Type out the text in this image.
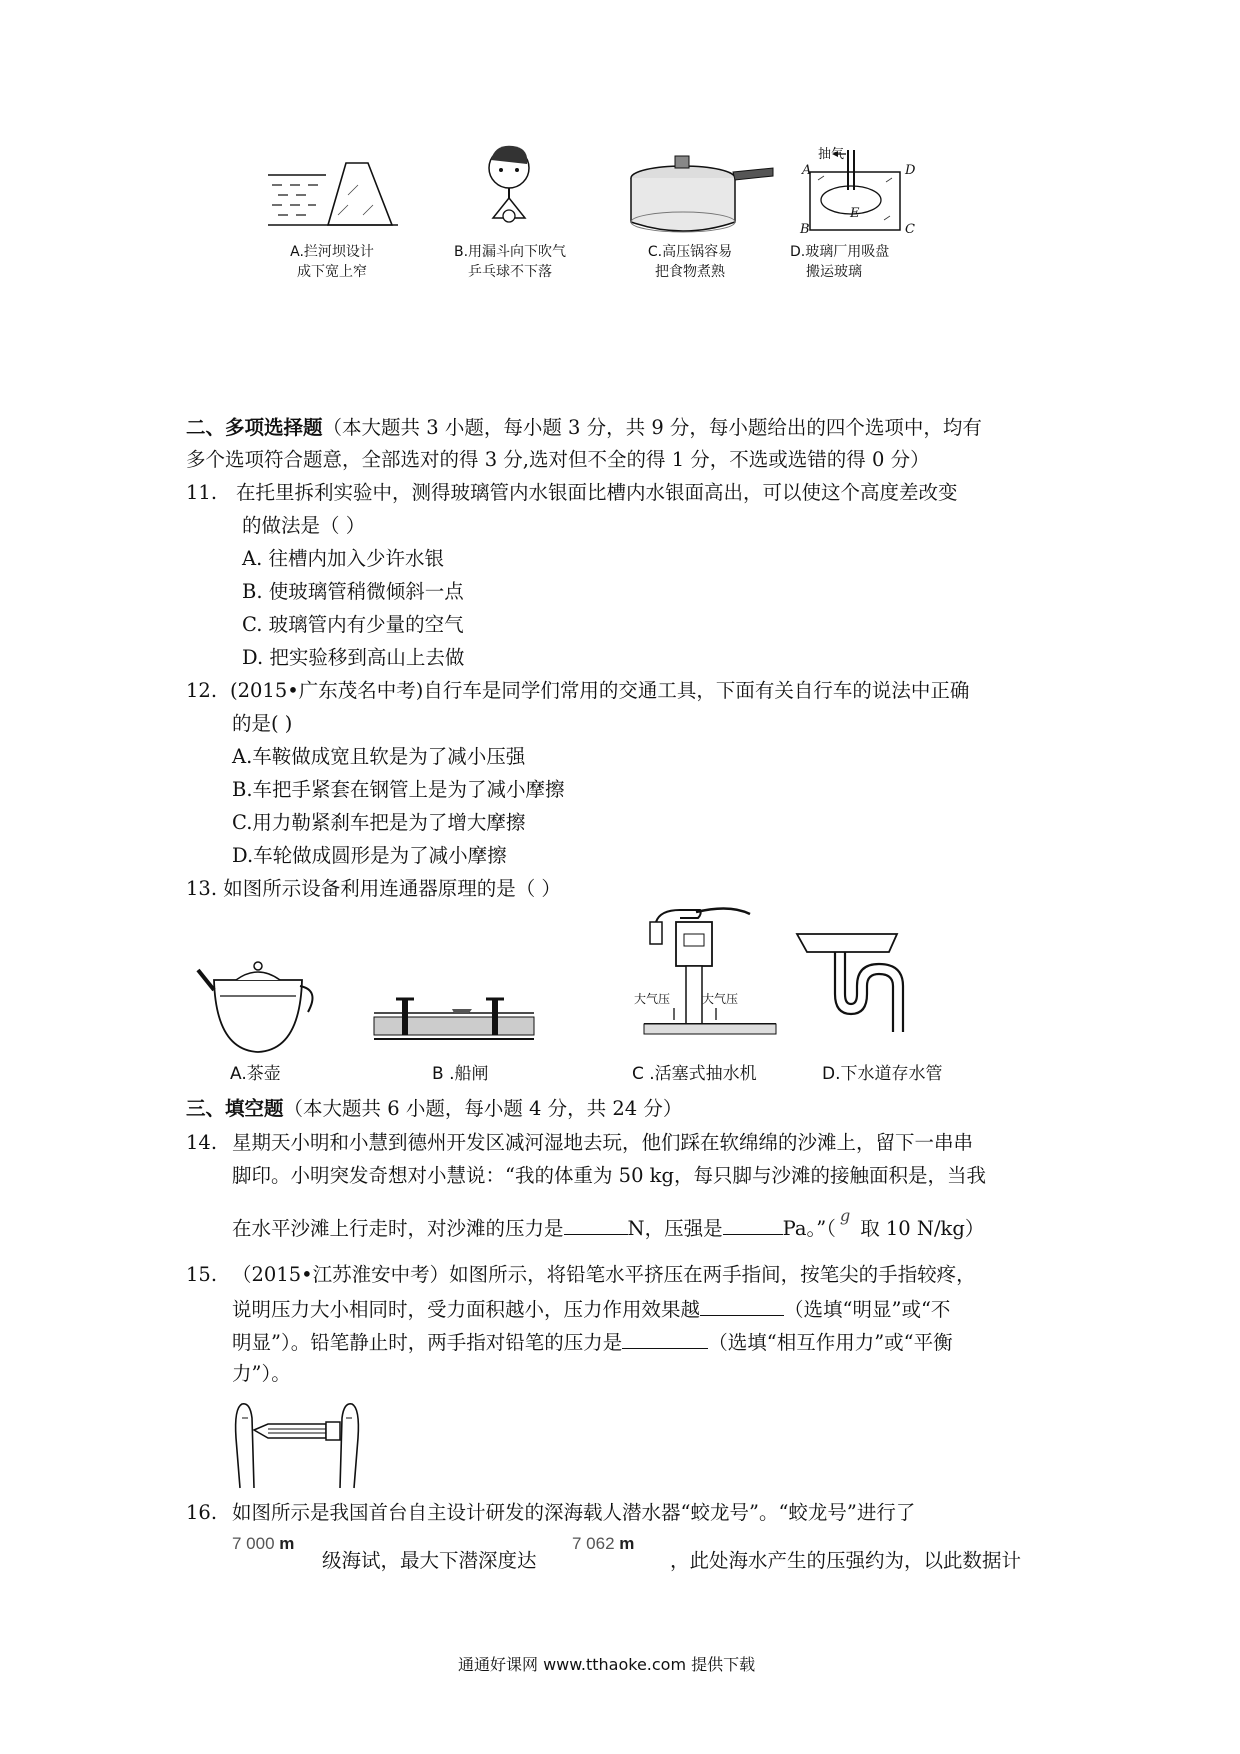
A.拦河坝设计
成下宽上窄
B.用漏斗向下吹气
乒乓球不下落
C.高压锅容易
把食物煮熟
抽气
A	D
B	C
E
D.玻璃厂用吸盘
搬运玻璃
二、多项选择题（本大题共 3 小题，每小题 3 分，共 9 分，每小题给出的四个选项中，均有
多个选项符合题意，全部选对的得 3 分,选对但不全的得 1 分，不选或选错的得 0 分）
11. 在托里拆利实验中，测得玻璃管内水银面比槽内水银面高出，可以使这个高度差改变
的做法是（ ）
A. 往槽内加入少许水银
B. 使玻璃管稍微倾斜一点
C. 玻璃管内有少量的空气
D. 把实验移到高山上去做
12. (2015•广东茂名中考)自行车是同学们常用的交通工具，下面有关自行车的说法中正确
的是( )
A.车鞍做成宽且软是为了减小压强
B.车把手紧套在钢管上是为了减小摩擦
C.用力勒紧刹车把是为了增大摩擦
D.车轮做成圆形是为了减小摩擦
13. 如图所示设备利用连通器原理的是（ ）
大气压	大气压
A.茶壶	B .船闸	C .活塞式抽水机	D.下水道存水管
三、填空题（本大题共 6 小题，每小题 4 分，共 24 分）
14. 星期天小明和小慧到德州开发区减河湿地去玩，他们踩在软绵绵的沙滩上，留下一串串
脚印。小明突发奇想对小慧说：“我的体重为 50 kg，每只脚与沙滩的接触面积是，当我
在水平沙滩上行走时，对沙滩的压力是	N，压强是	Pa。”（$^g$取 10 N/kg）
15. （2015•江苏淮安中考）如图所示，将铅笔水平挤压在两手指间，按笔尖的手指较疼，
说明压力大小相同时，受力面积越小，压力作用效果越	（选填“明显”或“不
明显”）。铅笔静止时，两手指对铅笔的压力是	（选填“相互作用力”或“平衡
力”）。
16. 如图所示是我国首台自主设计研发的深海载人潜水器“蛟龙号”。“蛟龙号”进行了
7 000 m
级海试，最大下潜深度达
7 062 m
，此处海水产生的压强约为，以此数据计
通通好课网 www.tthaoke.com 提供下载
